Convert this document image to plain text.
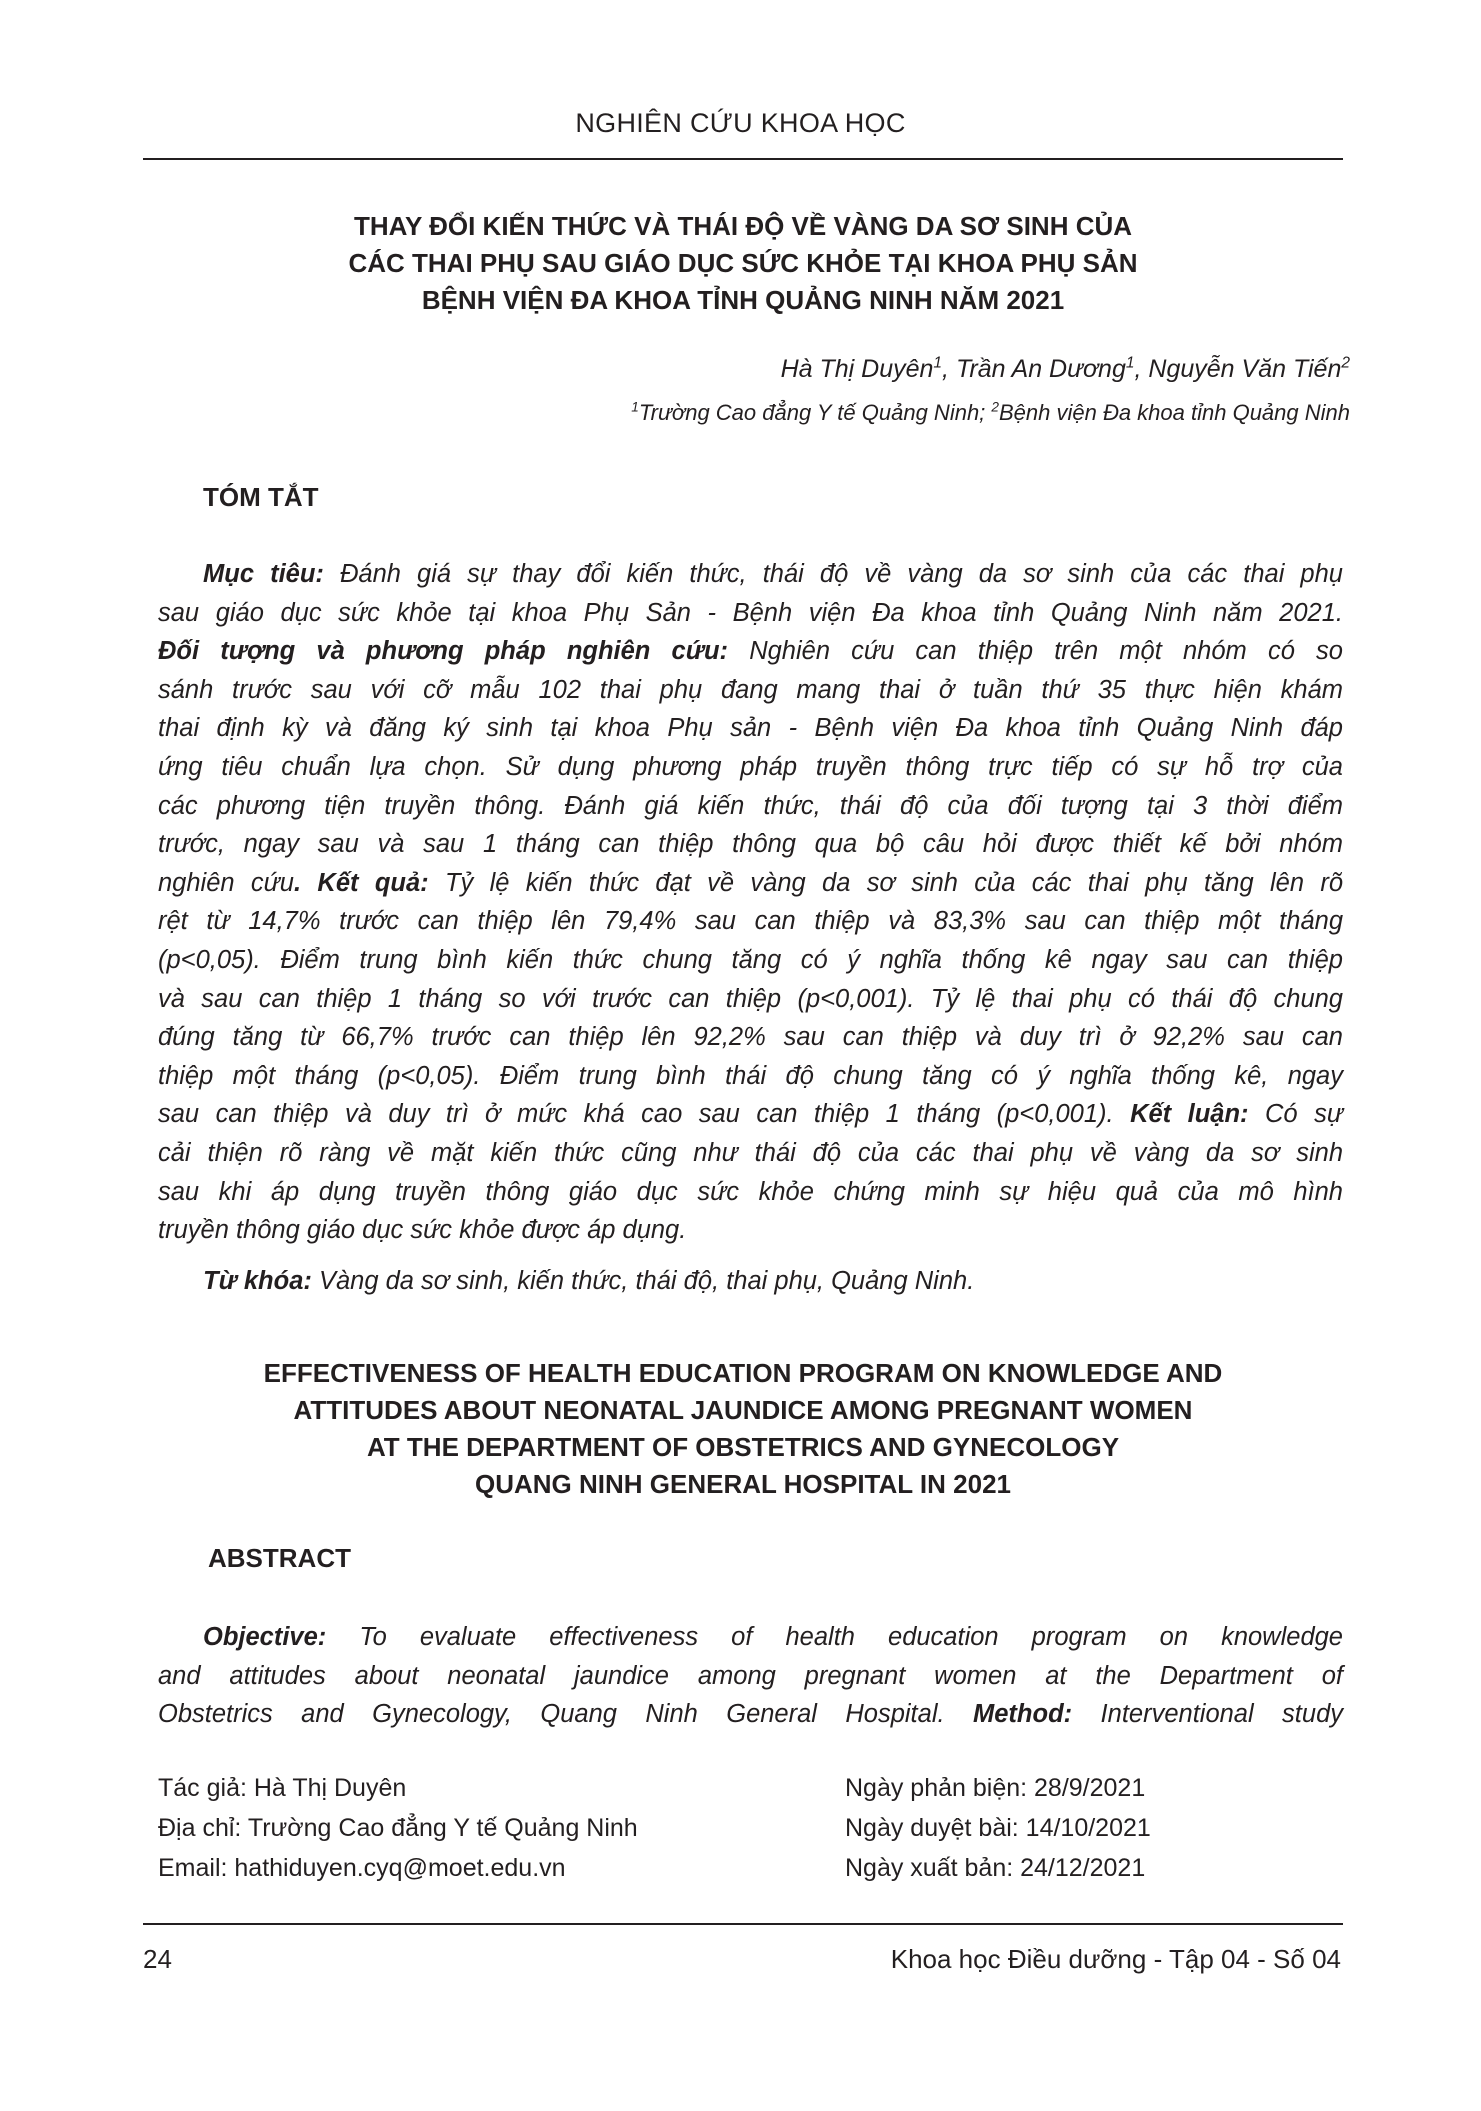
NGHIÊN CỨU KHOA HỌC
THAY ĐỔI KIẾN THỨC VÀ THÁI ĐỘ VỀ VÀNG DA SƠ SINH CỦA
CÁC THAI PHỤ SAU GIÁO DỤC SỨC KHỎE TẠI KHOA PHỤ SẢN
BỆNH VIỆN ĐA KHOA TỈNH QUẢNG NINH NĂM 2021
Hà Thị Duyên$^1$, Trần An Dương$^1$, Nguyễn Văn Tiến$^2$
$^1$Trường Cao đẳng Y tế Quảng Ninh; $^2$Bệnh viện Đa khoa tỉnh Quảng Ninh
TÓM TẮT
Mục tiêu: Đánh giá sự thay đổi kiến thức, thái độ về vàng da sơ sinh của các thai phụ
sau giáo dục sức khỏe tại khoa Phụ Sản - Bệnh viện Đa khoa tỉnh Quảng Ninh năm 2021.
Đối tượng và phương pháp nghiên cứu: Nghiên cứu can thiệp trên một nhóm có so
sánh trước sau với cỡ mẫu 102 thai phụ đang mang thai ở tuần thứ 35 thực hiện khám
thai định kỳ và đăng ký sinh tại khoa Phụ sản - Bệnh viện Đa khoa tỉnh Quảng Ninh đáp
ứng tiêu chuẩn lựa chọn. Sử dụng phương pháp truyền thông trực tiếp có sự hỗ trợ của
các phương tiện truyền thông. Đánh giá kiến thức, thái độ của đối tượng tại 3 thời điểm
trước, ngay sau và sau 1 tháng can thiệp thông qua bộ câu hỏi được thiết kế bởi nhóm
nghiên cứu. Kết quả: Tỷ lệ kiến thức đạt về vàng da sơ sinh của các thai phụ tăng lên rõ
rệt từ 14,7% trước can thiệp lên 79,4% sau can thiệp và 83,3% sau can thiệp một tháng
(p<0,05). Điểm trung bình kiến thức chung tăng có ý nghĩa thống kê ngay sau can thiệp
và sau can thiệp 1 tháng so với trước can thiệp (p<0,001). Tỷ lệ thai phụ có thái độ chung
đúng tăng từ 66,7% trước can thiệp lên 92,2% sau can thiệp và duy trì ở 92,2% sau can
thiệp một tháng (p<0,05). Điểm trung bình thái độ chung tăng có ý nghĩa thống kê, ngay
sau can thiệp và duy trì ở mức khá cao sau can thiệp 1 tháng (p<0,001). Kết luận: Có sự
cải thiện rõ ràng về mặt kiến thức cũng như thái độ của các thai phụ về vàng da sơ sinh
sau khi áp dụng truyền thông giáo dục sức khỏe chứng minh sự hiệu quả của mô hình
truyền thông giáo dục sức khỏe được áp dụng.
Từ khóa: Vàng da sơ sinh, kiến thức, thái độ, thai phụ, Quảng Ninh.
EFFECTIVENESS OF HEALTH EDUCATION PROGRAM ON KNOWLEDGE AND
ATTITUDES ABOUT NEONATAL JAUNDICE AMONG PREGNANT WOMEN
AT THE DEPARTMENT OF OBSTETRICS AND GYNECOLOGY
QUANG NINH GENERAL HOSPITAL IN 2021
ABSTRACT
Objective: To evaluate effectiveness of health education program on knowledge
and attitudes about neonatal jaundice among pregnant women at the Department of
Obstetrics and Gynecology, Quang Ninh General Hospital. Method: Interventional study
Tác giả: Hà Thị Duyên
Địa chỉ: Trường Cao đẳng Y tế Quảng Ninh
Email: hathiduyen.cyq@moet.edu.vn
Ngày phản biện: 28/9/2021
Ngày duyệt bài: 14/10/2021
Ngày xuất bản: 24/12/2021
24	Khoa học Điều dưỡng - Tập 04 - Số 04
